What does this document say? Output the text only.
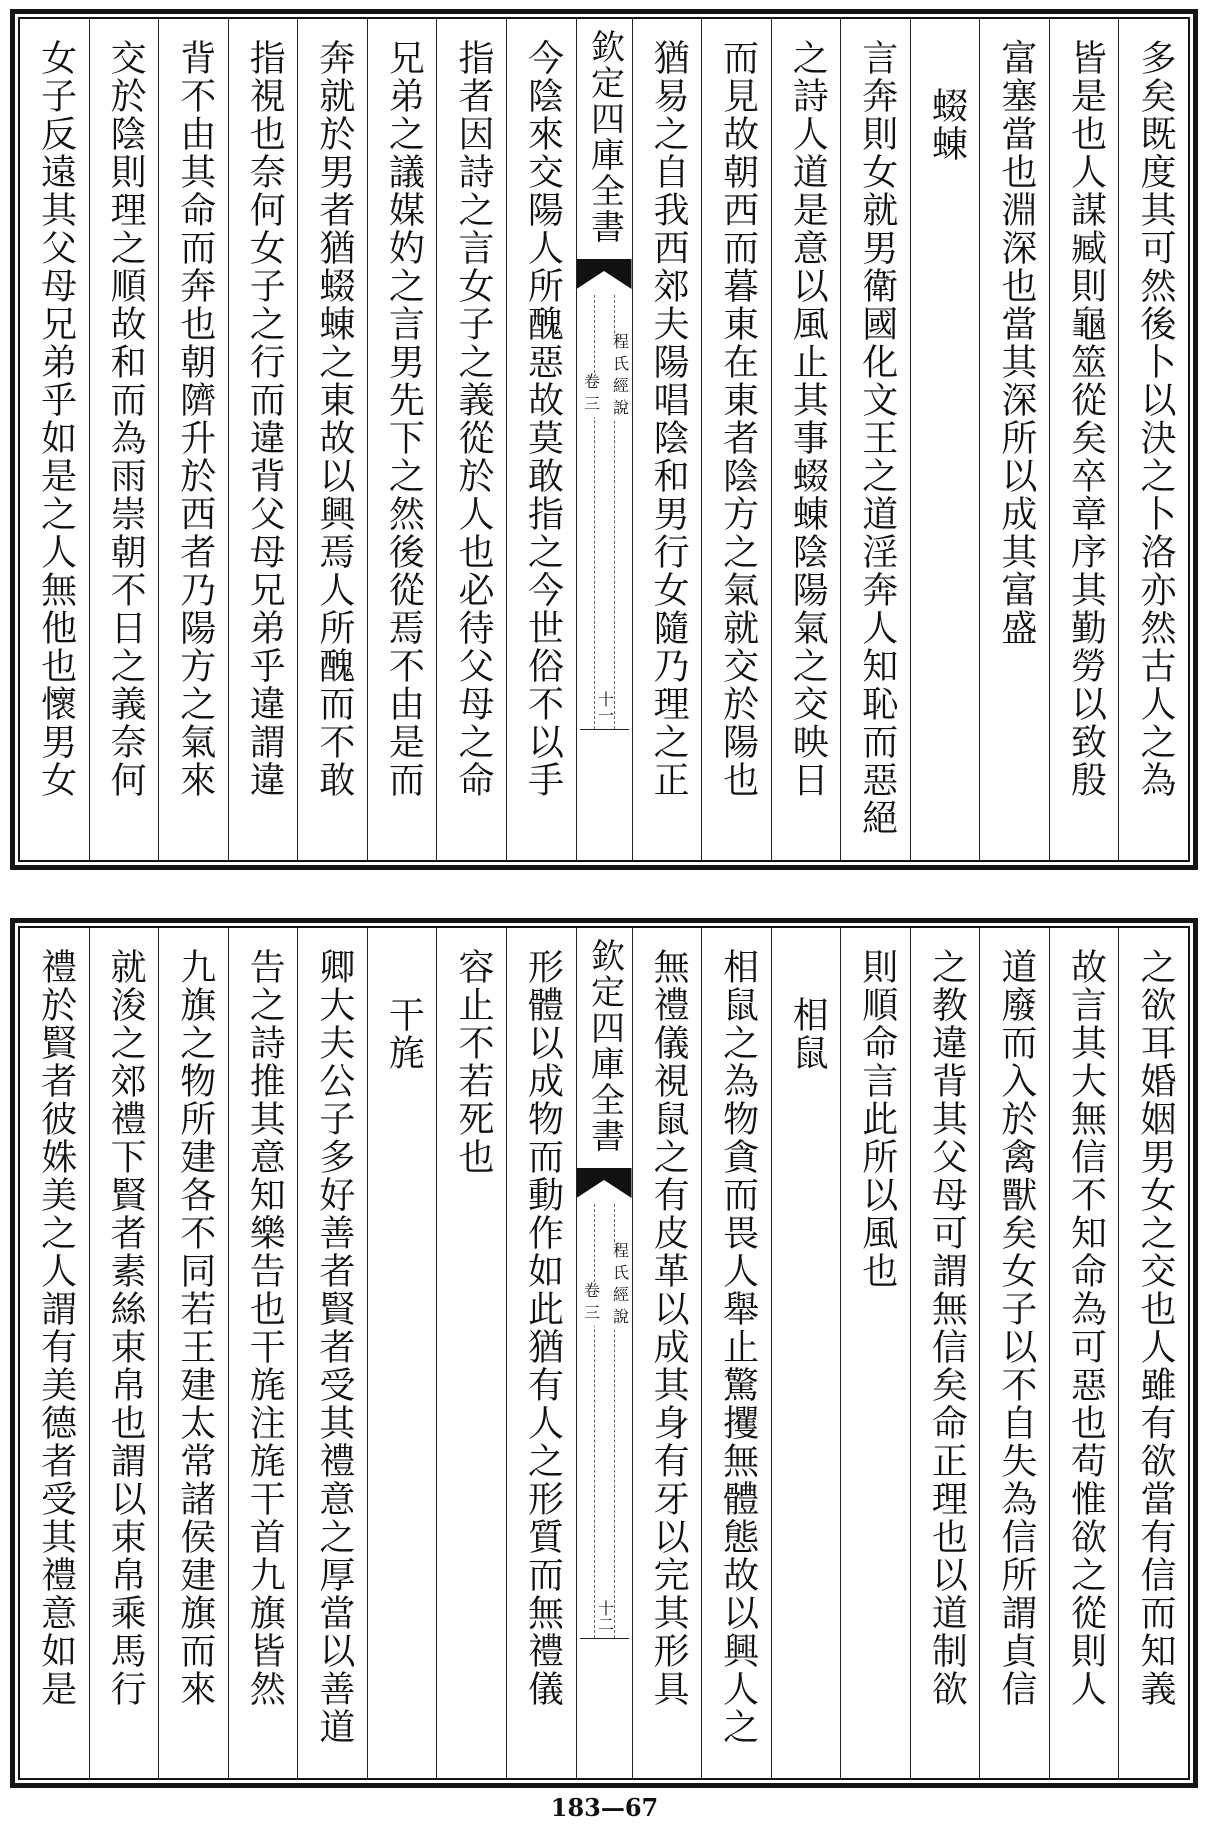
多矣既度其可然後卜以決之卜洛亦然古人之為
皆是也人謀臧則龜筮從矣卒章序其勤勞以致殷
富塞當也淵深也當其深所以成其富盛
蝃蝀
言奔則女就男衛國化文王之道淫奔人知恥而惡絕
之詩人道是意以風止其事蝃蝀陰陽氣之交映日
而見故朝西而暮東在東者陰方之氣就交於陽也
猶易之自我西郊夫陽唱陰和男行女隨乃理之正
欽定四庫全書
程氏經說
卷三
十一
今陰來交陽人所醜惡故莫敢指之今世俗不以手
指者因詩之言女子之義從於人也必待父母之命
兄弟之議媒妁之言男先下之然後從焉不由是而
奔就於男者猶蝃蝀之東故以興焉人所醜而不敢
指視也奈何女子之行而違背父母兄弟乎違謂違
背不由其命而奔也朝隮升於西者乃陽方之氣來
交於陰則理之順故和而為雨崇朝不日之義奈何
女子反遠其父母兄弟乎如是之人無他也懷男女
之欲耳婚姻男女之交也人雖有欲當有信而知義
故言其大無信不知命為可惡也苟惟欲之從則人
道廢而入於禽獸矣女子以不自失為信所謂貞信
之教違背其父母可謂無信矣命正理也以道制欲
則順命言此所以風也
相鼠
相鼠之為物貪而畏人舉止驚攫無體態故以興人之
無禮儀視鼠之有皮革以成其身有牙以完其形具
欽定四庫全書
程氏經說
卷三
十二
形體以成物而動作如此猶有人之形質而無禮儀
容止不若死也
干旄
卿大夫公子多好善者賢者受其禮意之厚當以善道
告之詩推其意知樂告也干旄注旄干首九旗皆然
九旗之物所建各不同若王建太常諸侯建旗而來
就浚之郊禮下賢者素絲束帛也謂以束帛乘馬行
禮於賢者彼姝美之人謂有美德者受其禮意如是
183—67
